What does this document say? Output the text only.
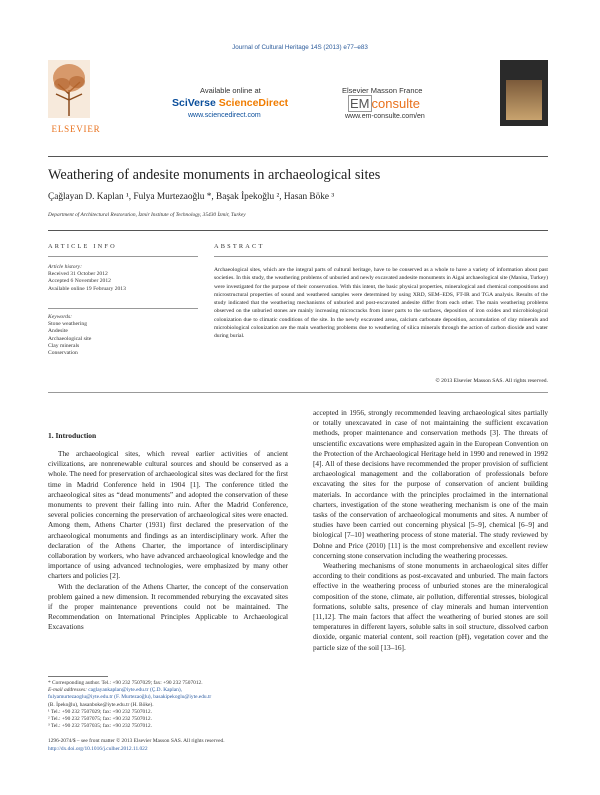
Journal of Cultural Heritage 14S (2013) e77–e83
ELSEVIER
Available online at
SciVerse ScienceDirect
www.sciencedirect.com
Elsevier Masson France
EM consulte
www.em-consulte.com/en
Weathering of andesite monuments in archaeological sites
Çağlayan D. Kaplan ¹, Fulya Murtezaoğlu *, Başak İpekoğlu ², Hasan Böke ³
Department of Architectural Restoration, İzmir Institute of Technology, 35430 İzmir, Turkey
ARTICLE INFO
Article history:
Received 31 October 2012
Accepted 6 November 2012
Available online 19 February 2013
Keywords:
Stone weathering
Andesite
Archaeological site
Clay minerals
Conservation
ABSTRACT
Archaeological sites, which are the integral parts of cultural heritage, have to be conserved as a whole to have a variety of information about past societies. In this study, the weathering problems of unburied and newly excavated andesite monuments in Aigai archaeological site (Manisa, Turkey) were investigated for the purpose of their conservation. With this intent, the basic physical properties, mineralogical and chemical compositions and microstructural properties of sound and weathered samples were determined by using XRD, SEM–EDS, FT-IR and TGA analysis. Results of the study indicated that the weathering mechanisms of unburied and post-excavated andesite differ from each other. The main weathering problems observed on the unburied stones are mainly increasing microcracks from inner parts to the surfaces, deposition of iron oxides and microbiological colonization due to climatic conditions of the site. In the newly excavated areas, calcium carbonate deposition, accumulation of clay minerals and microbiological colonization are the main weathering problems due to weathering of silica minerals through the action of carbon dioxide and water during burial.
© 2013 Elsevier Masson SAS. All rights reserved.
1. Introduction

The archaeological sites, which reveal earlier activities of ancient civilizations, are nonrenewable cultural sources and should be conserved as a whole. The need for preservation of archaeological sites was declared for the first time in Madrid Conference held in 1904 [1]. The conference titled the archaeological sites as “dead monuments” and adopted the conservation of these monuments to prevent their falling into ruin. After the Madrid Conference, several policies concerning the preservation of archaeological sites were enacted. Among them, Athens Charter (1931) first declared the preservation of the archaeological monuments and findings as an interdisciplinary work. After the declaration of the Athens Charter, the importance of interdisciplinary collaboration by workers, who have advanced archaeological knowledge and the importance of using advanced technologies, were emphasized by many other charters and policies [2].

With the declaration of the Athens Charter, the concept of the conservation problem gained a new dimension. It recommended reburying the excavated sites if the proper maintenance preventions could not be maintained. The Recommendation on International Principles Applicable to Archaeological Excavations

accepted in 1956, strongly recommended leaving archaeological sites partially or totally unexcavated in case of not maintaining the sufficient excavation methods, proper maintenance and conservation methods [3]. The threats of unscientific excavations were emphasized again in the European Convention on the Protection of the Archaeological Heritage held in 1990 and renewed in 1992 [4]. All of these decisions have recommended the proper provision of sufficient archaeological management and the collaboration of professionals before excavating the sites for the purpose of conservation of ancient building materials. In accordance with the principles proclaimed in the international charters, investigation of the stone weathering mechanism is one of the main tasks of the conservation of archaeological monuments and sites. A number of studies have been carried out concerning physical [5–9], chemical [6–9] and biological [7–10] weathering process of stone material. The study reviewed by Dohne and Price (2010) [11] is the most comprehensive and excellent review concerning stone conservation including the weathering processes.

Weathering mechanisms of stone monuments in archaeological sites differ according to their conditions as post-excavated and unburied. The main factors effective in the weathering process of unburied stones are the mineralogical composition of the stone, climate, air pollution, differential stresses, biological formations, soluble salts, presence of clay minerals and human intervention [11,12]. The main factors that affect the weathering of buried stones are soil temperatures in different layers, soluble salts in soil structure, dissolved carbon dioxide, organic material content, soil reaction (pH), vegetation cover and the particle size of the soil [13–16].

* Corresponding author. Tel.: +90 232 7507029; fax: +90 232 7507012.
E-mail addresses: caglayankaplan@iyte.edu.tr (Ç.D. Kaplan),
fulyamurtezaoglu@iyte.edu.tr (F. Murtezaoğlu), basakipekoglu@iyte.edu.tr
(B. İpekoğlu), hasanboke@iyte.edu.tr (H. Böke).
¹ Tel.: +90 232 7507029; fax: +90 232 7507012.
² Tel.: +90 232 7507075; fax: +90 232 7507012.
³ Tel.: +90 232 7507035; fax: +90 232 7507012.
1296-2074/$ – see front matter © 2013 Elsevier Masson SAS. All rights reserved.
http://dx.doi.org/10.1016/j.culher.2012.11.022
